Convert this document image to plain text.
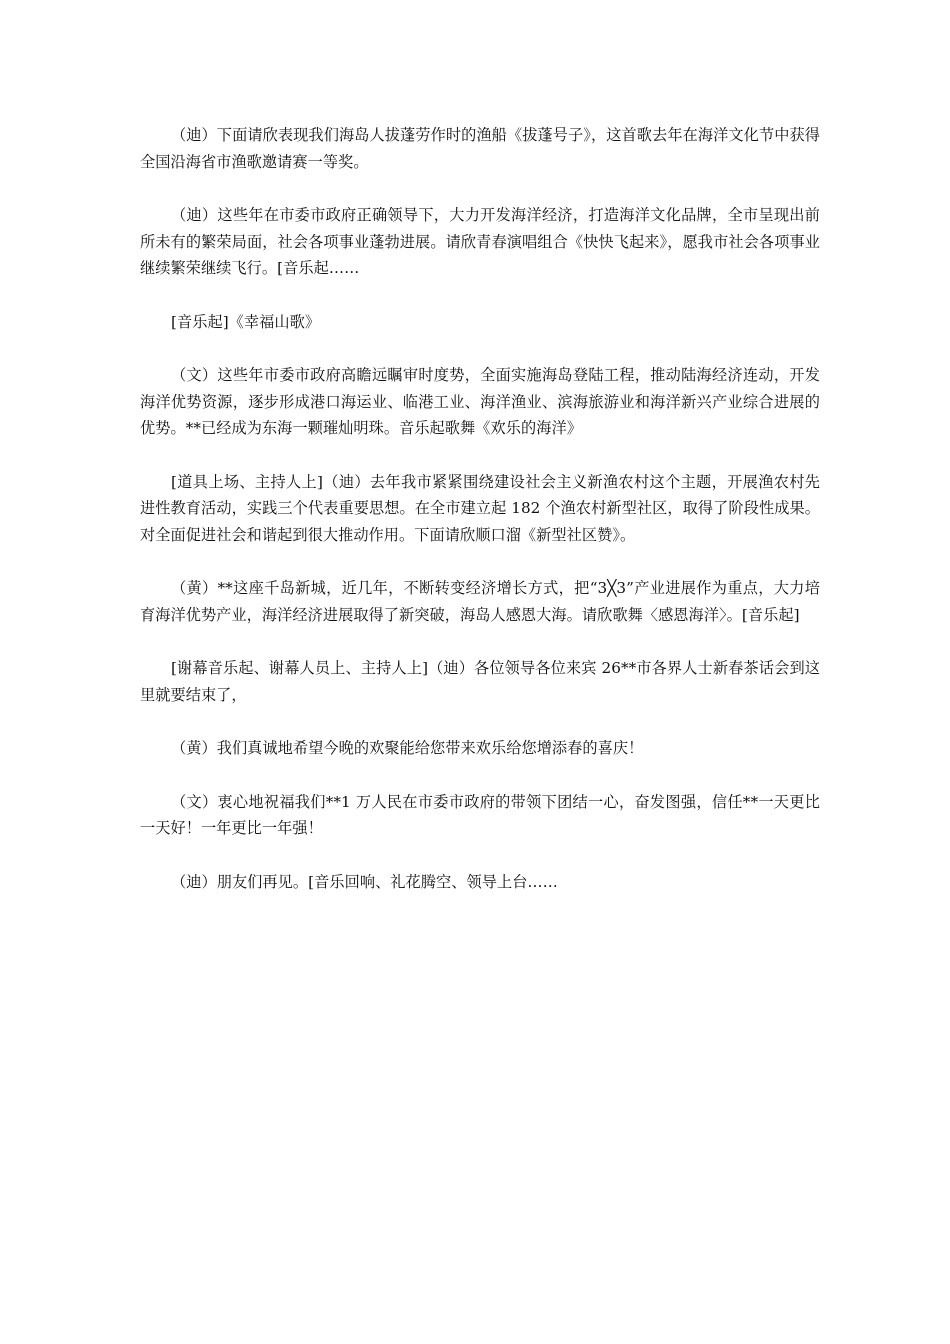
（迪）下面请欣表现我们海岛人拔蓬劳作时的渔船《拔蓬号子》，这首歌去年在海洋文化节中获得全国沿海省市渔歌邀请赛一等奖。

（迪）这些年在市委市政府正确领导下，大力开发海洋经济，打造海洋文化品牌，全市呈现出前所未有的繁荣局面，社会各项事业蓬勃进展。请欣青春演唱组合《快快飞起来》，愿我市社会各项事业继续繁荣继续飞行。[音乐起……

[音乐起]《幸福山歌》

（文）这些年市委市政府高瞻远瞩审时度势，全面实施海岛登陆工程，推动陆海经济连动，开发海洋优势资源，逐步形成港口海运业、临港工业、海洋渔业、滨海旅游业和海洋新兴产业综合进展的优势。**已经成为东海一颗璀灿明珠。音乐起歌舞《欢乐的海洋》

[道具上场、主持人上]（迪）去年我市紧紧围绕建设社会主义新渔农村这个主题，开展渔农村先进性教育活动，实践三个代表重要思想。在全市建立起 182 个渔农村新型社区，取得了阶段性成果。对全面促进社会和谐起到很大推动作用。下面请欣顺口溜《新型社区赞》。

（黄）**这座千岛新城，近几年，不断转变经济增长方式，把“3╳3”产业进展作为重点，大力培育海洋优势产业，海洋经济进展取得了新突破，海岛人感恩大海。请欣歌舞〈感恩海洋〉。[音乐起]

[谢幕音乐起、谢幕人员上、主持人上]（迪）各位领导各位来宾 26**市各界人士新春茶话会到这里就要结束了，

（黄）我们真诚地希望今晚的欢聚能给您带来欢乐给您增添春的喜庆！

（文）衷心地祝福我们**1 万人民在市委市政府的带领下团结一心，奋发图强，信任**一天更比一天好！一年更比一年强！

（迪）朋友们再见。[音乐回响、礼花腾空、领导上台……
